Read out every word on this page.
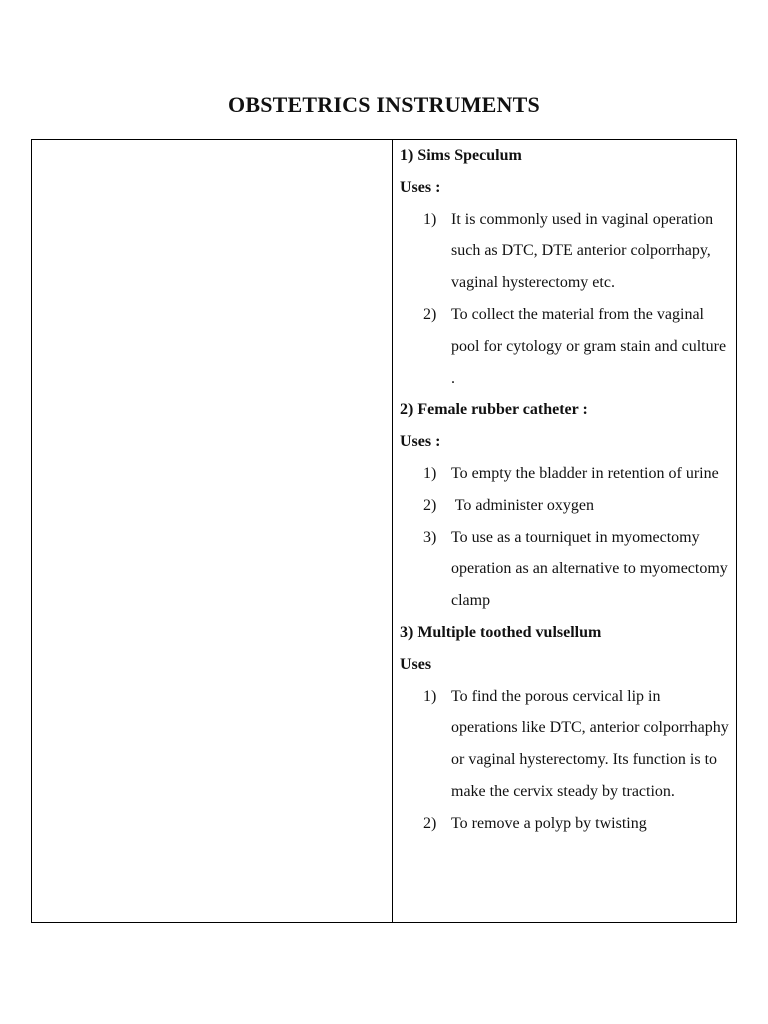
OBSTETRICS INSTRUMENTS

1) Sims Speculum

Uses :

1) It is commonly used in vaginal operation such as DTC, DTE anterior colporrhapy, vaginal hysterectomy etc.
2) To collect the material from the vaginal pool for cytology or gram stain and culture .

2) Female rubber catheter :

Uses :

1) To empty the bladder in retention of urine
2) To administer oxygen
3) To use as a tourniquet in myomectomy operation as an alternative to myomectomy clamp

3) Multiple toothed vulsellum

Uses

1) To find the porous cervical lip in operations like DTC, anterior colporrhaphy or vaginal hysterectomy. Its function is to make the cervix steady by traction.
2) To remove a polyp by twisting
